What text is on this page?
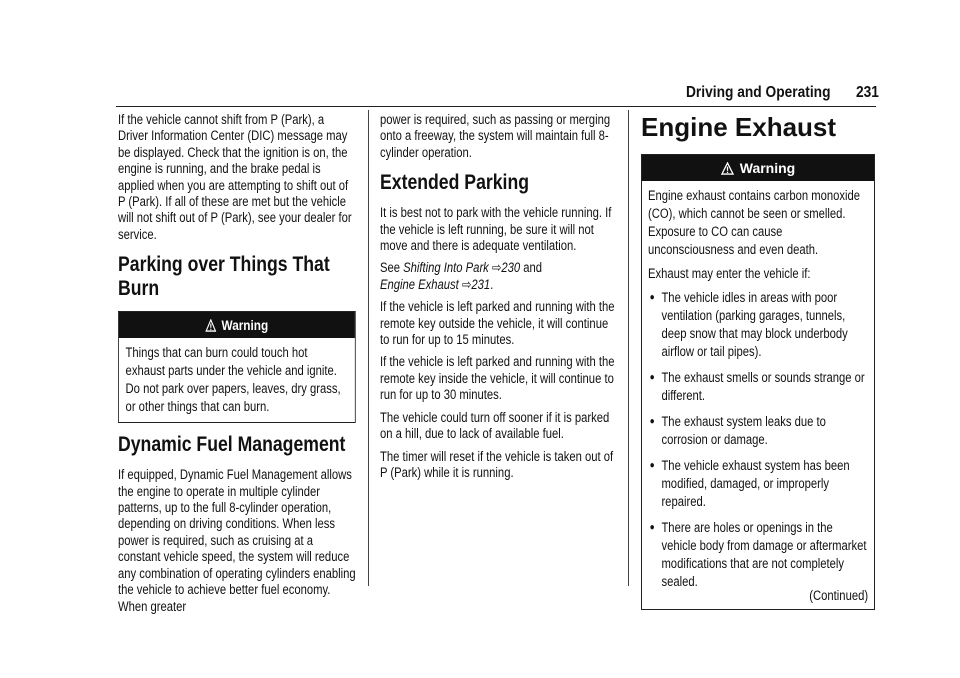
Driving and Operating 231

If the vehicle cannot shift from P (Park), a Driver Information Center (DIC) message may be displayed. Check that the ignition is on, the engine is running, and the brake pedal is applied when you are attempting to shift out of P (Park). If all of these are met but the vehicle will not shift out of P (Park), see your dealer for service.

Parking over Things That Burn
Warning
Things that can burn could touch hot exhaust parts under the vehicle and ignite. Do not park over papers, leaves, dry grass, or other things that can burn.
Dynamic Fuel Management

If equipped, Dynamic Fuel Management allows the engine to operate in multiple cylinder patterns, up to the full 8-cylinder operation, depending on driving conditions. When less power is required, such as cruising at a constant vehicle speed, the system will reduce any combination of operating cylinders enabling the vehicle to achieve better fuel economy. When greater

power is required, such as passing or merging onto a freeway, the system will maintain full 8-cylinder operation.

Extended Parking

It is best not to park with the vehicle running. If the vehicle is left running, be sure it will not move and there is adequate ventilation.

See Shifting Into Park ⇨230 and
Engine Exhaust ⇨231.

If the vehicle is left parked and running with the remote key outside the vehicle, it will continue to run for up to 15 minutes.

If the vehicle is left parked and running with the remote key inside the vehicle, it will continue to run for up to 30 minutes.

The vehicle could turn off sooner if it is parked on a hill, due to lack of available fuel.

The timer will reset if the vehicle is taken out of P (Park) while it is running.

Engine Exhaust
Warning

Engine exhaust contains carbon monoxide (CO), which cannot be seen or smelled. Exposure to CO can cause unconsciousness and even death.

Exhaust may enter the vehicle if:

● The vehicle idles in areas with poor ventilation (parking garages, tunnels, deep snow that may block underbody airflow or tail pipes).
● The exhaust smells or sounds strange or different.
● The exhaust system leaks due to corrosion or damage.
● The vehicle exhaust system has been modified, damaged, or improperly repaired.
● There are holes or openings in the vehicle body from damage or aftermarket modifications that are not completely sealed.
(Continued)
